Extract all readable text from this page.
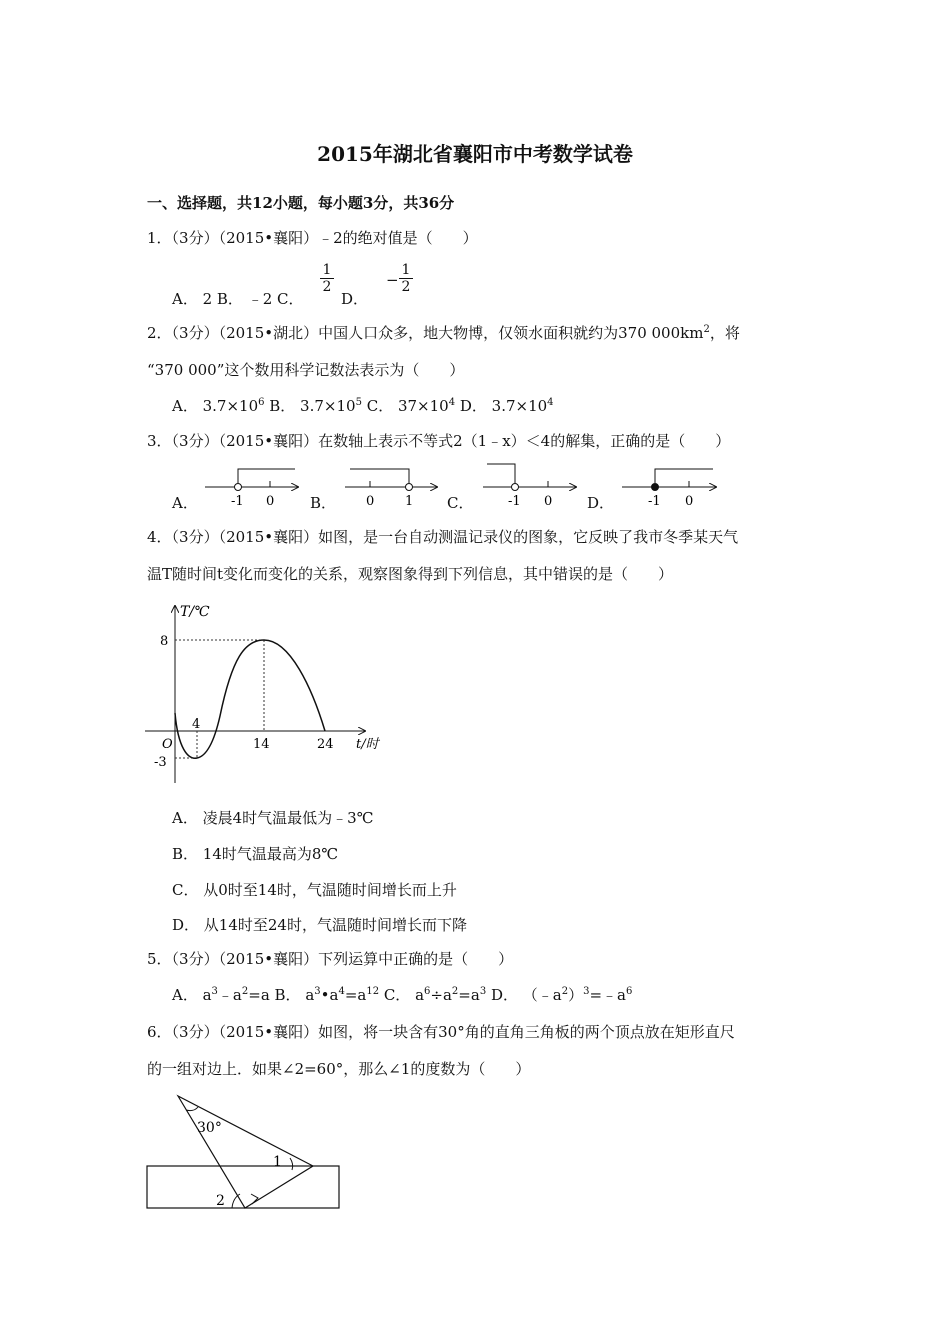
2015年湖北省襄阳市中考数学试卷
一、选择题，共12小题，每小题3分，共36分
1．（3分）（2015•襄阳）﹣2的绝对值是（　　）
A． 2 B． ﹣2 C．
$\frac{1}{2}$
D．
− $\frac{1}{2}$
2．（3分）（2015•湖北）中国人口众多，地大物博，仅领水面积就约为370 $000km^2$，将
“370 000”这个数用科学记数法表示为（　　）
A． $3.7\times 10^6$ B． $3.7\times 10^5$ C． $37\times 10^4$ D． $3.7\times 10^4$
3．（3分）（2015•襄阳）在数轴上表示不等式2（1﹣x）＜4的解集，正确的是（　　）
A．	B．	C．	D．
-1 0	0 1	-1 0	-1 0
4．（3分）（2015•襄阳）如图，是一台自动测温记录仪的图象，它反映了我市冬季某天气
温T随时间t变化而变化的关系，观察图象得到下列信息，其中错误的是（　　）
T/℃
8
-3
O
4
14	24 t/时
A． 凌晨4时气温最低为﹣3℃
B． 14时气温最高为8℃
C． 从0时至14时，气温随时间增长而上升
D． 从14时至24时，气温随时间增长而下降
5．（3分）（2015•襄阳）下列运算中正确的是（　　）
A． $a^3﹣a^2=a$ B． $a^3•a^4=a^{12}$ C． $a^6\div a^2=a^3$ D． $(﹣a^2)^3=﹣a^6$
6．（3分）（2015•襄阳）如图，将一块含有30°角的直角三角板的两个顶点放在矩形直尺
的一组对边上．如果∠2=60°，那么∠1的度数为（　　）
30°
1
2
